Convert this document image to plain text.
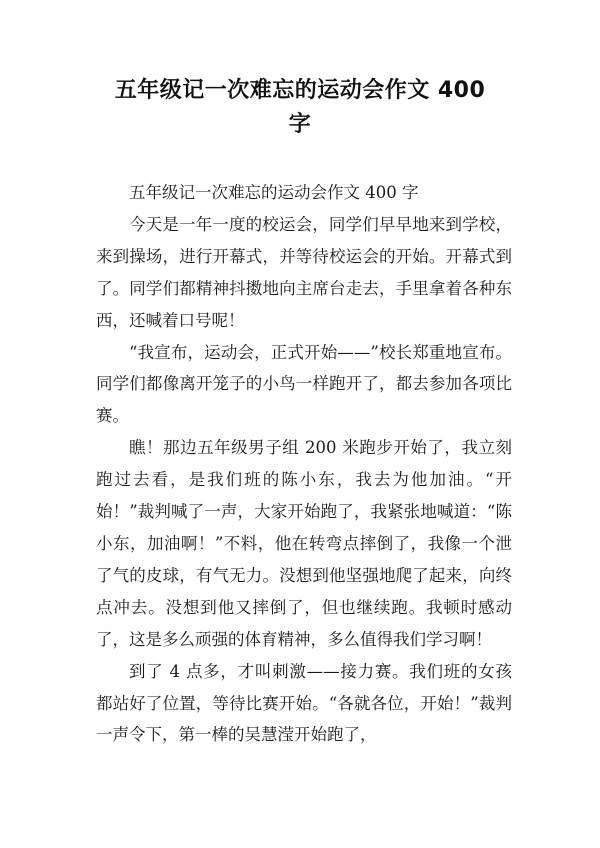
五年级记一次难忘的运动会作文 400 字

五年级记一次难忘的运动会作文 400 字

今天是一年一度的校运会，同学们早早地来到学校，来到操场，进行开幕式，并等待校运会的开始。开幕式到了。同学们都精神抖擞地向主席台走去，手里拿着各种东西，还喊着口号呢！

“我宣布，运动会，正式开始——”校长郑重地宣布。同学们都像离开笼子的小鸟一样跑开了，都去参加各项比赛。

瞧！那边五年级男子组 200 米跑步开始了，我立刻跑过去看，是我们班的陈小东，我去为他加油。“开始！”裁判喊了一声，大家开始跑了，我紧张地喊道：“陈小东，加油啊！”不料，他在转弯点摔倒了，我像一个泄了气的皮球，有气无力。没想到他坚强地爬了起来，向终点冲去。没想到他又摔倒了，但也继续跑。我顿时感动了，这是多么顽强的体育精神，多么值得我们学习啊！

到了 4 点多，才叫刺激——接力赛。我们班的女孩都站好了位置，等待比赛开始。“各就各位，开始！”裁判一声令下，第一棒的吴慧滢开始跑了，
